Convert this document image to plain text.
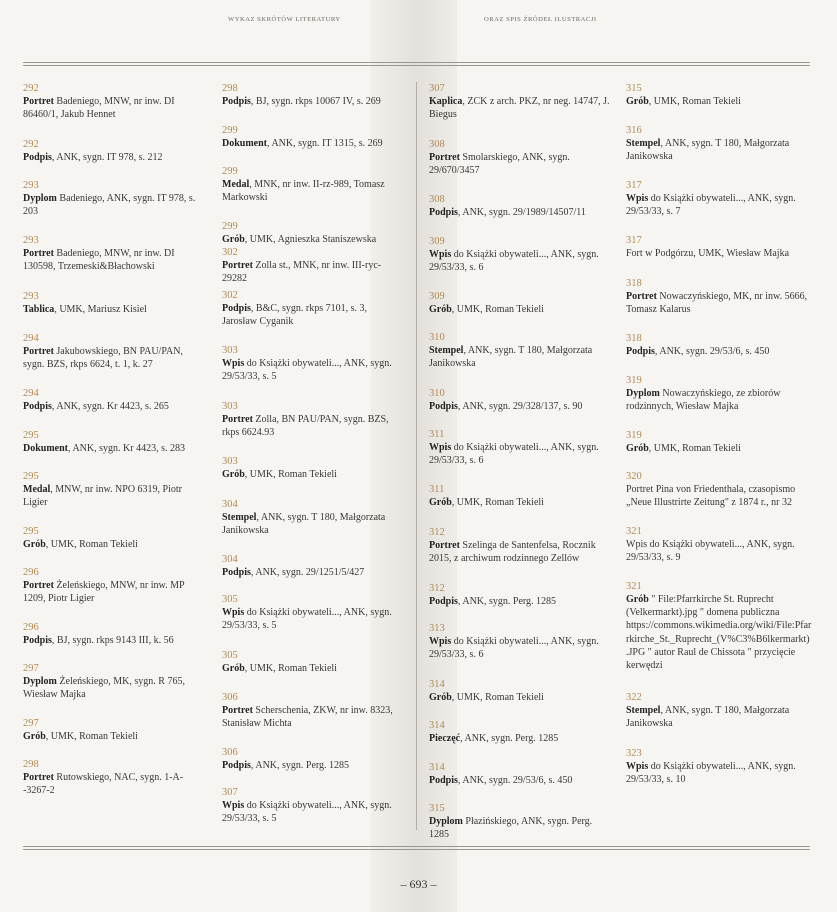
WYKAZ SKRÓTÓW LITERATURY	ORAZ SPIS ŹRÓDEŁ ILUSTRACJI
292
Portret Badeniego, MNW, nr inw. DI 86460/1, Jakub Hennet
292
Podpis, ANK, sygn. IT 978, s. 212
293
Dyplom Badeniego, ANK, sygn. IT 978, s. 203
293
Portret Badeniego, MNW, nr inw. DI 130598, Trzemeski&Błachowski
293
Tablica, UMK, Mariusz Kisiel
294
Portret Jakubowskiego, BN PAU/PAN, sygn. BZS, rkps 6624, t. 1, k. 27
294
Podpis, ANK, sygn. Kr 4423, s. 265
295
Dokument, ANK, sygn. Kr 4423, s. 283
295
Medal, MNW, nr inw. NPO 6319, Piotr Ligier
295
Grób, UMK, Roman Tekieli
296
Portret Żeleńskiego, MNW, nr inw. MP 1209, Piotr Ligier
296
Podpis, BJ, sygn. rkps 9143 III, k. 56
297
Dyplom Żeleńskiego, MK, sygn. R 765, Wiesław Majka
297
Grób, UMK, Roman Tekieli
298
Portret Rutowskiego, NAC, sygn. 1-A--3267-2
298
Podpis, BJ, sygn. rkps 10067 IV, s. 269
299
Dokument, ANK, sygn. IT 1315, s. 269
299
Medal, MNK, nr inw. II-rz-989, Tomasz Markowski
299
Grób, UMK, Agnieszka Staniszewska
302
Portret Zolla st., MNK, nr inw. III-ryc-29282
302
Podpis, B&C, sygn. rkps 7101, s. 3, Jarosław Cyganik
303
Wpis do Książki obywateli..., ANK, sygn. 29/53/33, s. 5
303
Portret Zolla, BN PAU/PAN, sygn. BZS, rkps 6624.93
303
Grób, UMK, Roman Tekieli
304
Stempel, ANK, sygn. T 180, Małgorzata Janikowska
304
Podpis, ANK, sygn. 29/1251/5/427
305
Wpis do Książki obywateli..., ANK, sygn. 29/53/33, s. 5
305
Grób, UMK, Roman Tekieli
306
Portret Scherscheniа, ZKW, nr inw. 8323, Stanisław Michta
306
Podpis, ANK, sygn. Perg. 1285
307
Wpis do Książki obywateli..., ANK, sygn. 29/53/33, s. 5
307
Kaplica, ZCK z arch. PKZ, nr neg. 14747, J. Biegus
308
Portret Smolarskiego, ANK, sygn. 29/670/3457
308
Podpis, ANK, sygn. 29/1989/14507/11
309
Wpis do Książki obywateli..., ANK, sygn. 29/53/33, s. 6
309
Grób, UMK, Roman Tekieli
310
Stempel, ANK, sygn. T 180, Małgorzata Janikowska
310
Podpis, ANK, sygn. 29/328/137, s. 90
311
Wpis do Książki obywateli..., ANK, sygn. 29/53/33, s. 6
311
Grób, UMK, Roman Tekieli
312
Portret Szelinga de Santenfelsa, Rocznik 2015, z archiwum rodzinnego Zellów
312
Podpis, ANK, sygn. Perg. 1285
313
Wpis do Książki obywateli..., ANK, sygn. 29/53/33, s. 6
314
Grób, UMK, Roman Tekieli
314
Pieczęć, ANK, sygn. Perg. 1285
314
Podpis, ANK, sygn. 29/53/6, s. 450
315
Dyplom Płazińskiego, ANK, sygn. Perg. 1285
315
Grób, UMK, Roman Tekieli
316
Stempel, ANK, sygn. T 180, Małgorzata Janikowska
317
Wpis do Książki obywateli..., ANK, sygn. 29/53/33, s. 7
317
Fort w Podgórzu, UMK, Wiesław Majka
318
Portret Nowaczyńskiego, MK, nr inw. 5666, Tomasz Kalarus
318
Podpis, ANK, sygn. 29/53/6, s. 450
319
Dyplom Nowaczyńskiego, ze zbiorów rodzinnych, Wiesław Majka
319
Grób, UMK, Roman Tekieli
320
Portret Pina von Friedenthala, czasopismo „Neue Illustrirte Zeitung" z 1874 r., nr 32
321
Wpis do Książki obywateli..., ANK, sygn. 29/53/33, s. 9
321
Grób " File:Pfarrkirche St. Ruprecht (Velkermarkt).jpg " domena publiczna https://commons.wikimedia.org/wiki/File:Pfarrkirche_St._Ruprecht_(V%C3%B6lkermarkt).JPG " autor Raul de Chissota " przycięcie kerwędzi
322
Stempel, ANK, sygn. T 180, Małgorzata Janikowska
323
Wpis do Książki obywateli..., ANK, sygn. 29/53/33, s. 10
– 693 –
